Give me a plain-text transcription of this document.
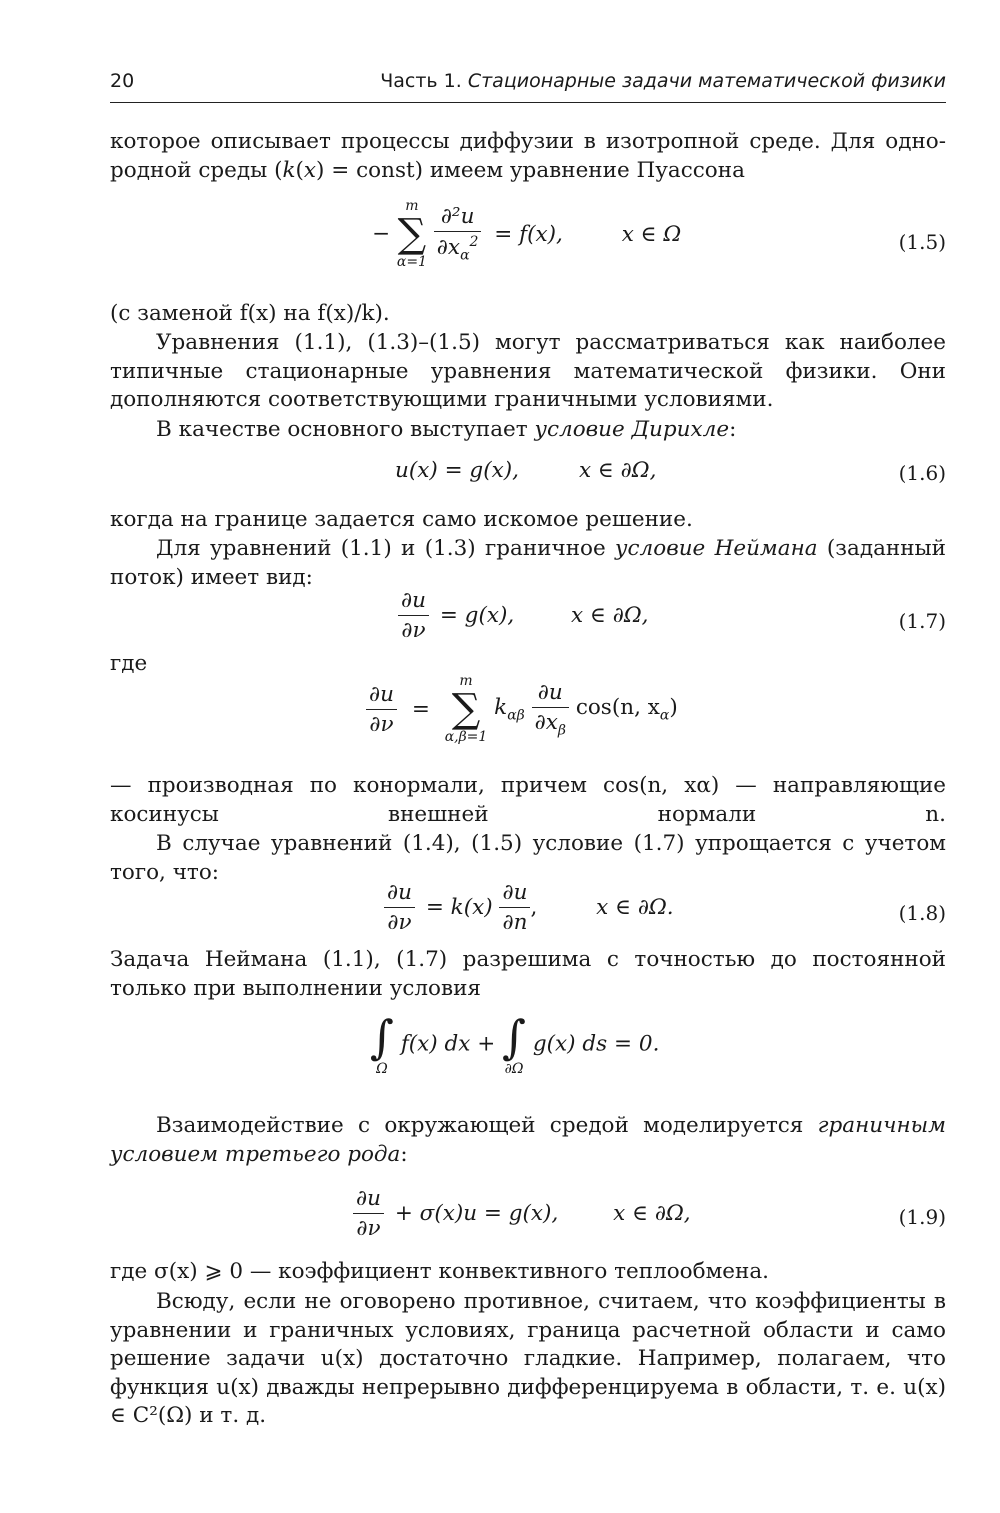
20	Часть 1. Стационарные задачи математической физики

которое описывает процессы диффузии в изотропной среде. Для одно-

родной среды (k(x) = const) имеем уравнение Пуассона

− m
∑
$\alpha=1 \frac{\text{∂²u}}{\partial x_\alpha^2} = f(x)$,	x ∈ Ω	(1.5)

(с заменой f(x) на f(x)/k).

Уравнения (1.1), (1.3)–(1.5) могут рассматриваться как наиболее типичные стационарные уравнения математической физики. Они дополняются соответствующими граничными условиями.

В качестве основного выступает условие Дирихле:

u(x) = g(x),	x ∈ ∂Ω,	(1.6)

когда на границе задается само искомое решение.

Для уравнений (1.1) и (1.3) граничное условие Неймана (заданный поток) имеет вид:

$\frac{\partial u}{\partial\nu} = g(x)$,	x ∈ ∂Ω,	(1.7)

где

$\frac{\partial u}{\partial\nu} = m$
∑
α,β=1 $k_{\alpha\beta} \frac{\partial u}{\partial x_\beta} \cos(n$, $x_\alpha$)

— производная по конормали, причем cos(n, xα) — направляющие косинусы внешней нормали n.

В случае уравнений (1.4), (1.5) условие (1.7) упрощается с учетом того, что:

$\frac{\partial u}{\partial\nu} = k(x) \frac{\partial u}{\partial n}$ ,	x ∈ ∂Ω.	(1.8)

Задача Неймана (1.1), (1.7) разрешима с точностью до постоянной только при выполнении условия

∫
Ω f(x) dx + ∫
∂Ω g(x) ds = 0.

Взаимодействие с окружающей средой моделируется граничным условием третьего рода:

$\frac{\partial u}{\partial\nu} + \sigma(x)u = g(x)$,	x ∈ ∂Ω,	(1.9)

где σ(x) ⩾ 0 — коэффициент конвективного теплообмена.

Всюду, если не оговорено противное, считаем, что коэффициенты в уравнении и граничных условиях, граница расчетной области и само решение задачи u(x) достаточно гладкие. Например, полагаем, что функция u(x) дважды непрерывно дифференцируема в области, т. е. u(x) ∈ C²(Ω) и т. д.
